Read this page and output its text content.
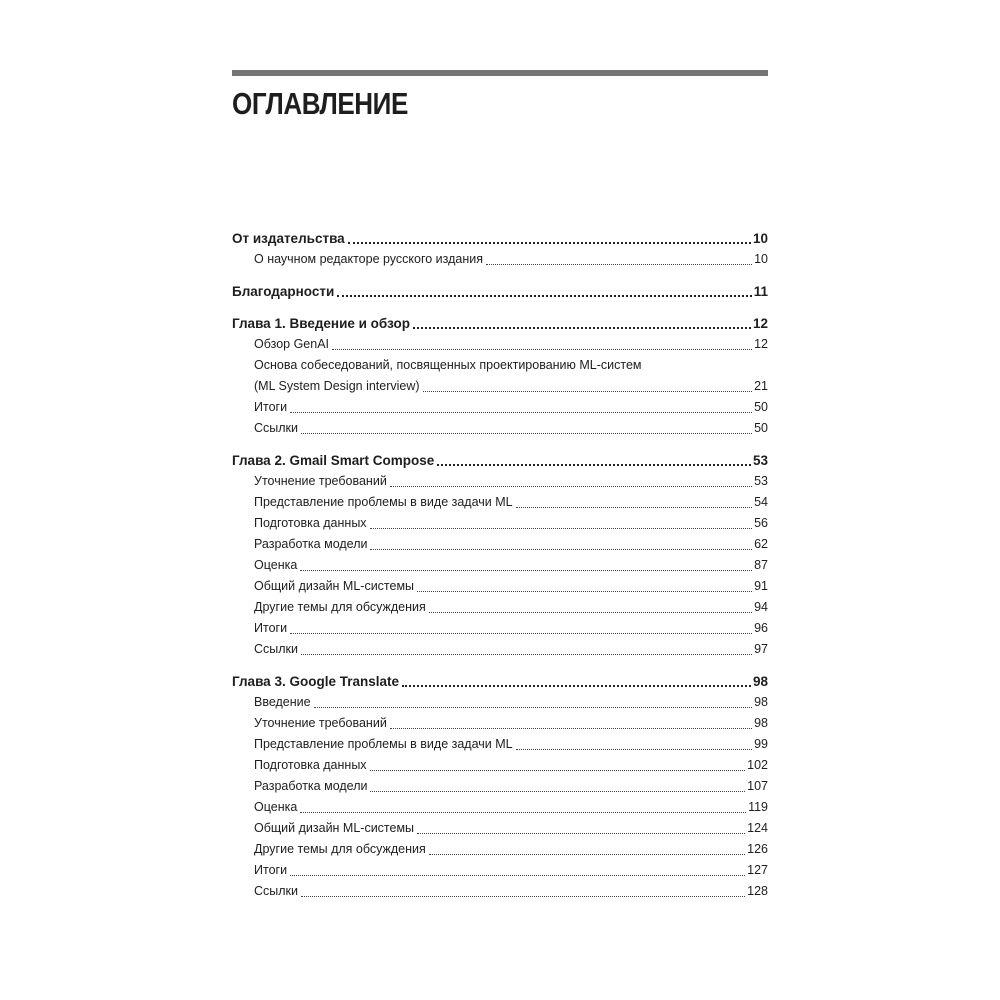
ОГЛАВЛЕНИЕ
От издательства	10
О научном редакторе русского издания	10
Благодарности	11
Глава 1. Введение и обзор	12
Обзор GenAI	12
Основа собеседований, посвященных проектированию ML-систем
(ML System Design interview)	21
Итоги	50
Ссылки	50
Глава 2. Gmail Smart Compose	53
Уточнение требований	53
Представление проблемы в виде задачи ML	54
Подготовка данных	56
Разработка модели	62
Оценка	87
Общий дизайн ML-системы	91
Другие темы для обсуждения	94
Итоги	96
Ссылки	97
Глава 3. Google Translate	98
Введение	98
Уточнение требований	98
Представление проблемы в виде задачи ML	99
Подготовка данных	102
Разработка модели	107
Оценка	119
Общий дизайн ML-системы	124
Другие темы для обсуждения	126
Итоги	127
Ссылки	128
